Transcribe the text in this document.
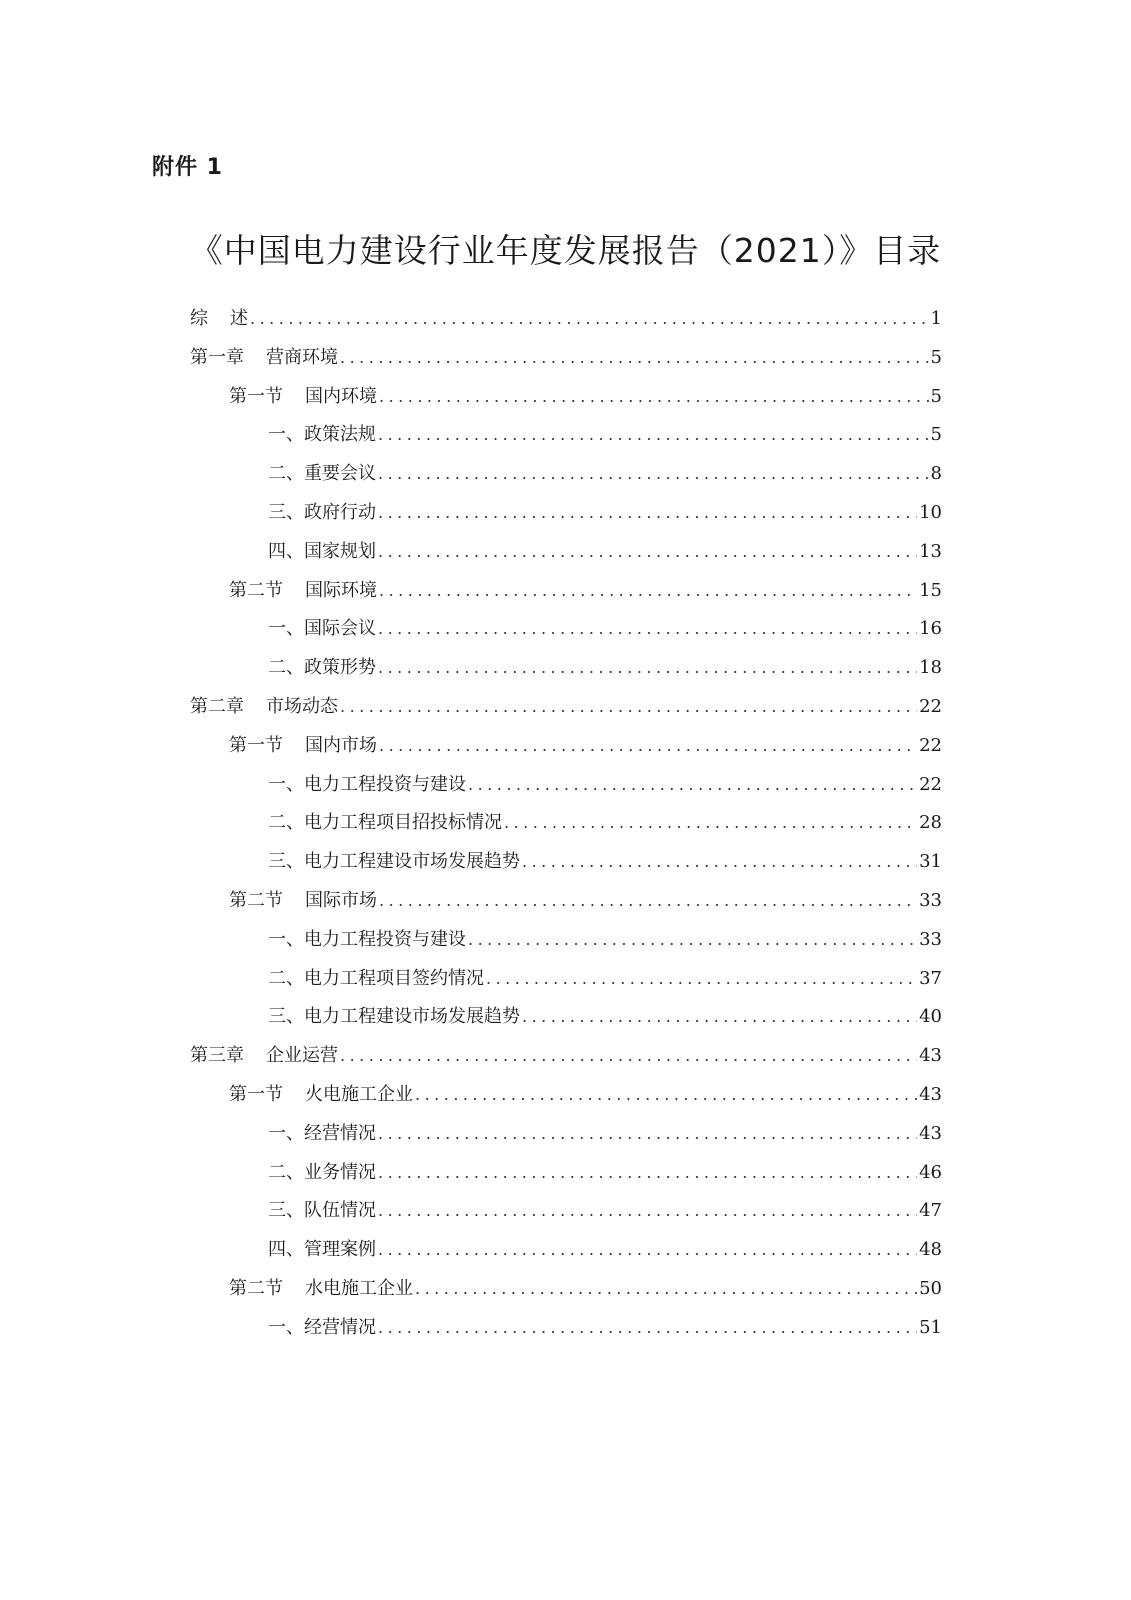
附件 1
《中国电力建设行业年度发展报告（2021）》目录
综 述 .....	1
第一章 营商环境 .....	5
第一节 国内环境 .....	5
一、政策法规 .....	5
二、重要会议 .....	8
三、政府行动 .....	10
四、国家规划 .....	13
第二节 国际环境 .....	15
一、国际会议 .....	16
二、政策形势 .....	18
第二章 市场动态 .....	22
第一节 国内市场 .....	22
一、电力工程投资与建设 .....	22
二、电力工程项目招投标情况 .....	28
三、电力工程建设市场发展趋势 .....	31
第二节 国际市场 .....	33
一、电力工程投资与建设 .....	33
二、电力工程项目签约情况 .....	37
三、电力工程建设市场发展趋势 .....	40
第三章 企业运营 .....	43
第一节 火电施工企业 .....	43
一、经营情况 .....	43
二、业务情况 .....	46
三、队伍情况 .....	47
四、管理案例 .....	48
第二节 水电施工企业 .....	50
一、经营情况 .....	51
